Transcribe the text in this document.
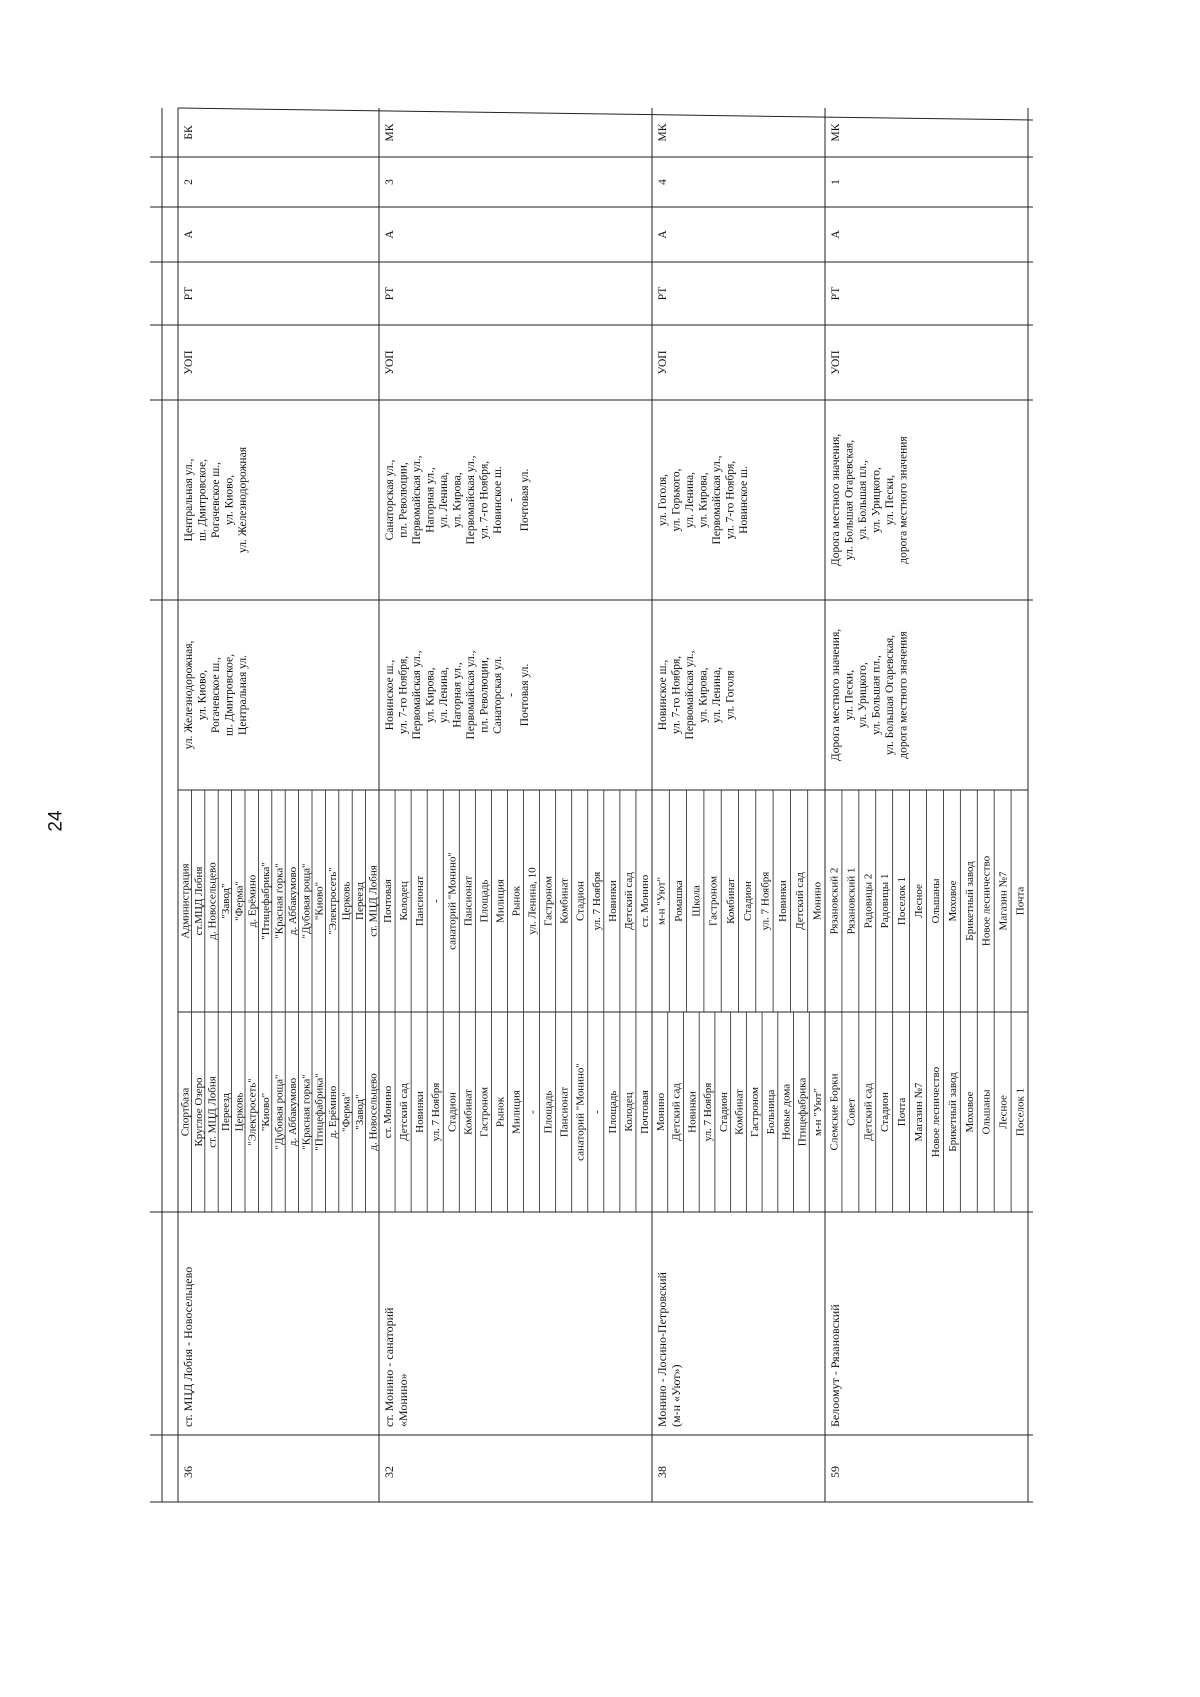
24
36
ст. МЦД Лобня - Новосельцево
Спортбаза Круглое Озеро ст. МЦД Лобня Переезд Церковь "Электросеть" "Киово" "Дубовая роща" д. Аббакумово "Красная горка" "Птицефабрика" д. Ерёмино "Ферма" "Завод" д. Новосельцево
Администрация ст.МЦД Лобня д. Новосельцево "Завод" "Ферма" д. Ерёмино "Птицефабрика" "Красная горка" д. Аббакумово "Дубовая роща" "Киово" "Электросеть" Церковь Переезд ст. МЦД Лобня
ул. Железнодорожная, ул. Киово, Рогачевское ш., ш. Дмитровское, Центральная ул.
Центральная ул., ш. Дмитровское, Рогачевское ш., ул. Киово, ул. Железнодорожная
УОП
РТ
А
2
БК
32
ст. Монино - санаторий «Монино»
ст. Монино Детский сад Новинки ул. 7 Ноября Стадион Комбинат Гастроном Рынок Милиция - Площадь Пансионат санаторий "Монино" - Площадь Колодец Почтовая
Почтовая Колодец Пансионат - санаторий "Монино" Пансионат Площадь Милиция Рынок ул. Ленина, 10 Гастроном Комбинат Стадион ул. 7 Ноября Новинки Детский сад ст. Монино
Новинское ш., ул. 7-го Ноября, Первомайская ул., ул. Кирова, ул. Ленина, Нагорная ул., Первомайская ул., пл. Революции, Санаторская ул. - Почтовая ул.
Санаторская ул., пл. Революции, Первомайская ул., Нагорная ул., ул. Ленина, ул. Кирова, Первомайская ул., ул. 7-го Ноября, Новинское ш. - Почтовая ул.
УОП
РТ
А
3
МК
38
Монино - Лосино-Петровский (м-н «Уют»)
Монино Детский сад Новинки ул. 7 Ноября Стадион Комбинат Гастроном Больница Новые дома Птицефабрика м-н "Уют"
м-н "Уют" Ромашка Школа Гастроном Комбинат Стадион ул. 7 Ноября Новинки Детский сад Монино
Новинское ш., ул. 7-го Ноября, Первомайская ул., ул. Кирова, ул. Ленина, ул. Гоголя
ул. Гоголя, ул. Горького, ул. Ленина, ул. Кирова, Первомайская ул., ул. 7-го Ноября, Новинское ш.
УОП
РТ
А
4
МК
59
Белоомут - Рязановский
Слемские Борки Совет Детский сад Стадион Почта Магазин №7 Новое лесничество Брикетный завод Моховое Ольшаны Лесное Поселок 1
Рязановский 2 Рязановский 1 Радовицы 2 Радовицы 1 Поселок 1 Лесное Ольшаны Моховое Брикетный завод Новое лесничество Магазин №7 Почта
Дорога местного значения, ул. Пески, ул. Урицкого, ул. Большая пл., ул. Большая Огаревская, дорога местного значения
Дорога местного значения, ул. Большая Огаревская, ул. Большая пл., ул. Урицкого, ул. Пески, дорога местного значения
УОП
РТ
А
1
МК
